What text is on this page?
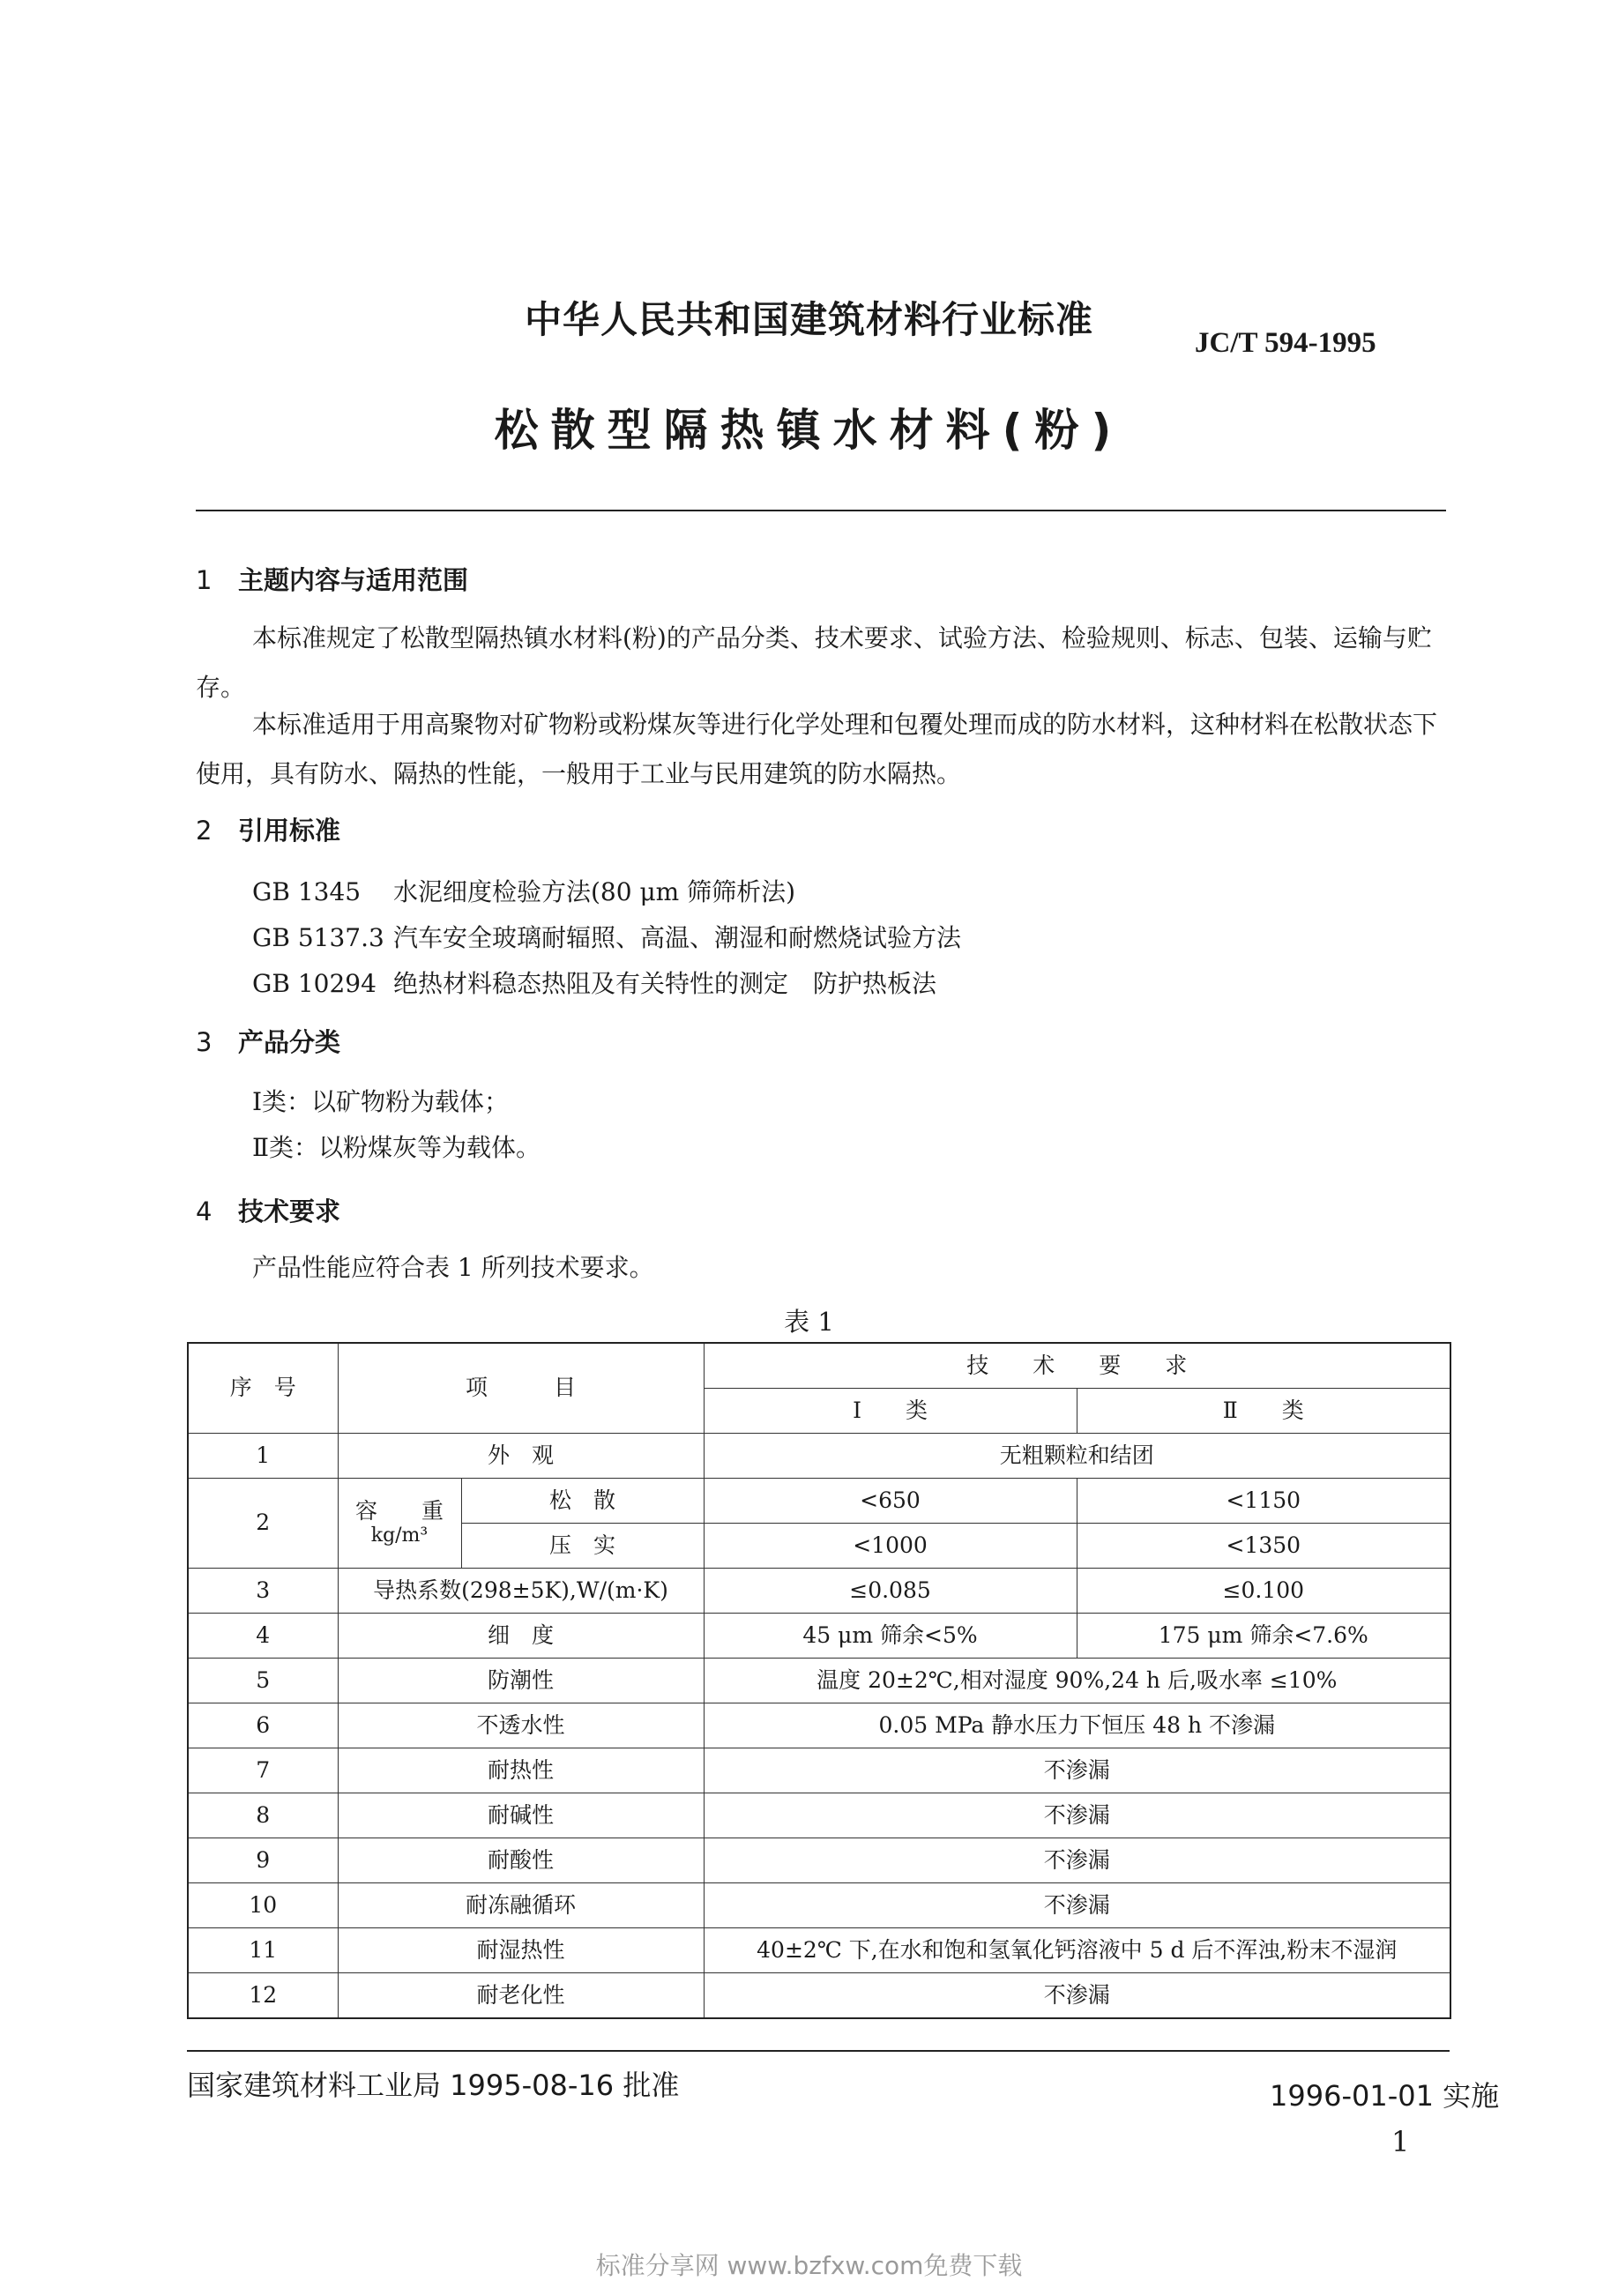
中华人民共和国建筑材料行业标准
JC/T 594-1995
松散型隔热镇水材料(粉)
1 主题内容与适用范围
本标准规定了松散型隔热镇水材料(粉)的产品分类、技术要求、试验方法、检验规则、标志、包装、运输与贮存。
本标准适用于用高聚物对矿物粉或粉煤灰等进行化学处理和包覆处理而成的防水材料，这种材料在松散状态下使用，具有防水、隔热的性能，一般用于工业与民用建筑的防水隔热。
2 引用标准
GB 1345 水泥细度检验方法(80 μm 筛筛析法)
GB 5137.3 汽车安全玻璃耐辐照、高温、潮湿和耐燃烧试验方法
GB 10294 绝热材料稳态热阻及有关特性的测定　防护热板法
3 产品分类
Ⅰ类：以矿物粉为载体；
Ⅱ类：以粉煤灰等为载体。
4 技术要求
产品性能应符合表 1 所列技术要求。
表 1
序　号	项　　　目		技　　术　　要　　求	
			Ⅰ　　类	Ⅱ　　类
1	外　观		无粗颗粒和结团	
2	容　　重
kg/m³	松　散	<650	<1150
		压　实	<1000	<1350
3	导热系数(298±5K),W/(m·K)		≤0.085	≤0.100
4	细　度		45 μm 筛余<5%	175 μm 筛余<7.6%
5	防潮性		温度 20±2℃,相对湿度 90%,24 h 后,吸水率 ≤10%	
6	不透水性		0.05 MPa 静水压力下恒压 48 h 不渗漏	
7	耐热性		不渗漏	
8	耐碱性		不渗漏	
9	耐酸性		不渗漏	
10	耐冻融循环		不渗漏	
11	耐湿热性		40±2℃ 下,在水和饱和氢氧化钙溶液中 5 d 后不浑浊,粉末不湿润	
12	耐老化性		不渗漏	
国家建筑材料工业局 1995-08-16 批准	1996-01-01 实施
1
标准分享网 www.bzfxw.com免费下载
